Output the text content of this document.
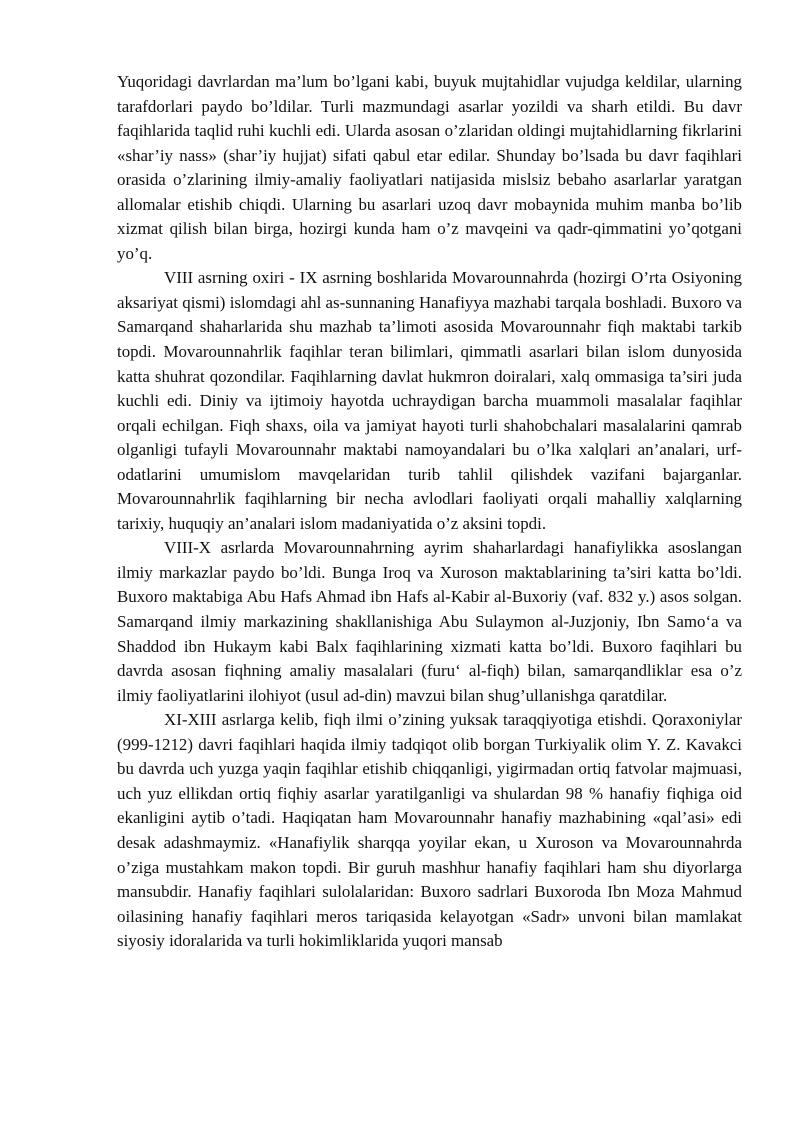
Yuqoridagi davrlardan ma’lum bo’lgani kabi, buyuk mujtahidlar vujudga keldilar, ularning tarafdorlari paydo bo’ldilar. Turli mazmundagi asarlar yozildi va sharh etildi. Bu davr faqihlarida taqlid ruhi kuchli edi. Ularda asosan o’zlaridan oldingi mujtahidlarning fikrlarini «shar’iy nass» (shar’iy hujjat) sifati qabul etar edilar. Shunday bo’lsada bu davr faqihlari orasida o’zlarining ilmiy-amaliy faoliyatlari natijasida mislsiz bebaho asarlarlar yaratgan allomalar etishib chiqdi. Ularning bu asarlari uzoq davr mobaynida muhim manba bo’lib xizmat qilish bilan birga, hozirgi kunda ham o’z mavqeini va qadr-qimmatini yo’qotgani yo’q.

VIII asrning oxiri - IX asrning boshlarida Movarounnahrda (hozirgi O’rta Osiyoning aksariyat qismi) islomdagi ahl as-sunnaning Hanafiyya mazhabi tarqala boshladi. Buxoro va Samarqand shaharlarida shu mazhab ta’limoti asosida Movarounnahr fiqh maktabi tarkib topdi. Movarounnahrlik faqihlar teran bilimlari, qimmatli asarlari bilan islom dunyosida katta shuhrat qozondilar. Faqihlarning davlat hukmron doiralari, xalq ommasiga ta’siri juda kuchli edi. Diniy va ijtimoiy hayotda uchraydigan barcha muammoli masalalar faqihlar orqali echilgan. Fiqh shaxs, oila va jamiyat hayoti turli shahobchalari masalalarini qamrab olganligi tufayli Movarounnahr maktabi namoyandalari bu o’lka xalqlari an’analari, urf-odatlarini umumislom mavqelaridan turib tahlil qilishdek vazifani bajarganlar. Movarounnahrlik faqihlarning bir necha avlodlari faoliyati orqali mahalliy xalqlarning tarixiy, huquqiy an’analari islom madaniyatida o’z aksini topdi.

VIII-X asrlarda Movarounnahrning ayrim shaharlardagi hanafiylikka asoslangan ilmiy markazlar paydo bo’ldi. Bunga Iroq va Xuroson maktablarining ta’siri katta bo’ldi. Buxoro maktabiga Abu Hafs Ahmad ibn Hafs al-Kabir al-Buxoriy (vaf. 832 y.) asos solgan. Samarqand ilmiy markazining shakllanishiga Abu Sulaymon al-Juzjoniy, Ibn Samo‘a va Shaddod ibn Hukaym kabi Balx faqihlarining xizmati katta bo’ldi. Buxoro faqihlari bu davrda asosan fiqhning amaliy masalalari (furu‘ al-fiqh) bilan, samarqandliklar esa o’z ilmiy faoliyatlarini ilohiyot (usul ad-din) mavzui bilan shug’ullanishga qaratdilar.

XI-XIII asrlarga kelib, fiqh ilmi o’zining yuksak taraqqiyotiga etishdi. Qoraxoniylar (999-1212) davri faqihlari haqida ilmiy tadqiqot olib borgan Turkiyalik olim Y. Z. Kavakci bu davrda uch yuzga yaqin faqihlar etishib chiqqanligi, yigirmadan ortiq fatvolar majmuasi, uch yuz ellikdan ortiq fiqhiy asarlar yaratilganligi va shulardan 98 % hanafiy fiqhiga oid ekanligini aytib o’tadi. Haqiqatan ham Movarounnahr hanafiy mazhabining «qal’asi» edi desak adashmaymiz. «Hanafiylik sharqqa yoyilar ekan, u Xuroson va Movarounnahrda o’ziga mustahkam makon topdi. Bir guruh mashhur hanafiy faqihlari ham shu diyorlarga mansubdir. Hanafiy faqihlari sulolalaridan: Buxoro sadrlari Buxoroda Ibn Moza Mahmud oilasining hanafiy faqihlari meros tariqasida kelayotgan «Sadr» unvoni bilan mamlakat siyosiy idoralarida va turli hokimliklarida yuqori mansab
